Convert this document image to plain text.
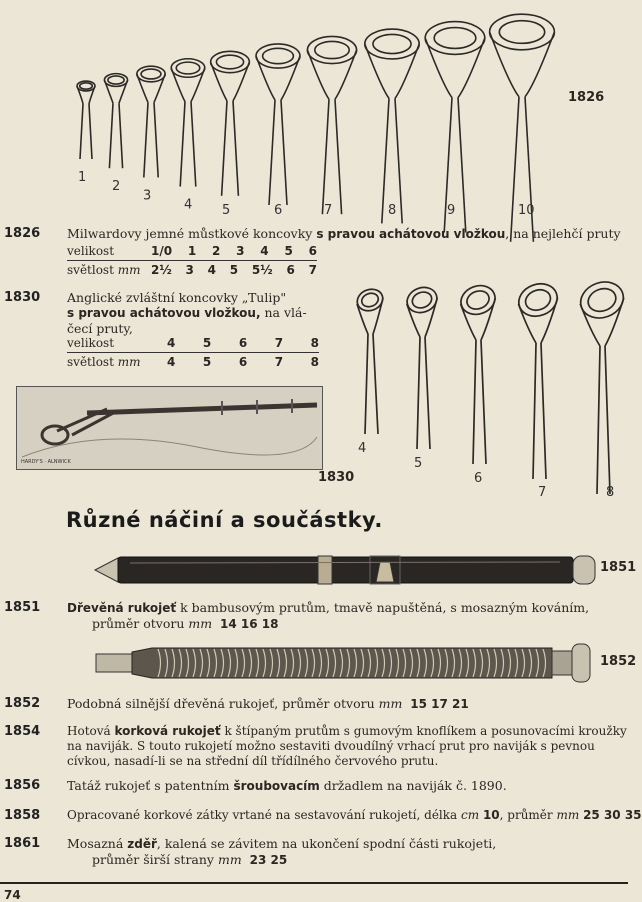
1
2
3
4 5	6	7	8	9	10
1826
1826 Milwardovy jemné můstkové koncovky s pravou achátovou vložkou, na nejlehčí pruty
velikost	1/0 1 2 3 4 5 6
světlost mm 2½ 3 4 5 5½ 6 7
1830 Anglické zvláštní koncovky „Tulip"
s pravou achátovou vložkou, na vlá-
čecí pruty,
velikost	4 5 6 7 8
světlost mm	4 5 6 7 8
HARDY'S · ALNWICK
1830
4
5
6
7	8
Různé náčiní a součástky.
1851
1851 Dřevěná rukojeť k bambusovým prutům, tmavě napuštěná, s mosazným kováním,
průměr otvoru mm 14 16 18
1852
1852 Podobná silnější dřevěná rukojeť, průměr otvoru mm 15 17 21
1854 Hotová korková rukojeť k štípaným prutům s gumovým knoflíkem a posunovacími kroužky
na naviják. S touto rukojetí možno sestaviti dvoudílný vrhací prut pro naviják s pevnou
cívkou, nasadí-li se na střední díl třídílného červového prutu.
1856 Tatáž rukojeť s patentním šroubovacím držadlem na naviják č. 1890.
1858 Opracované korkové zátky vrtané na sestavování rukojetí, délka cm 10, průměr mm 25 30 35
1861 Mosazná zděř, kalená se závitem na ukončení spodní části rukojeti,
průměr širší strany mm 23 25
74
